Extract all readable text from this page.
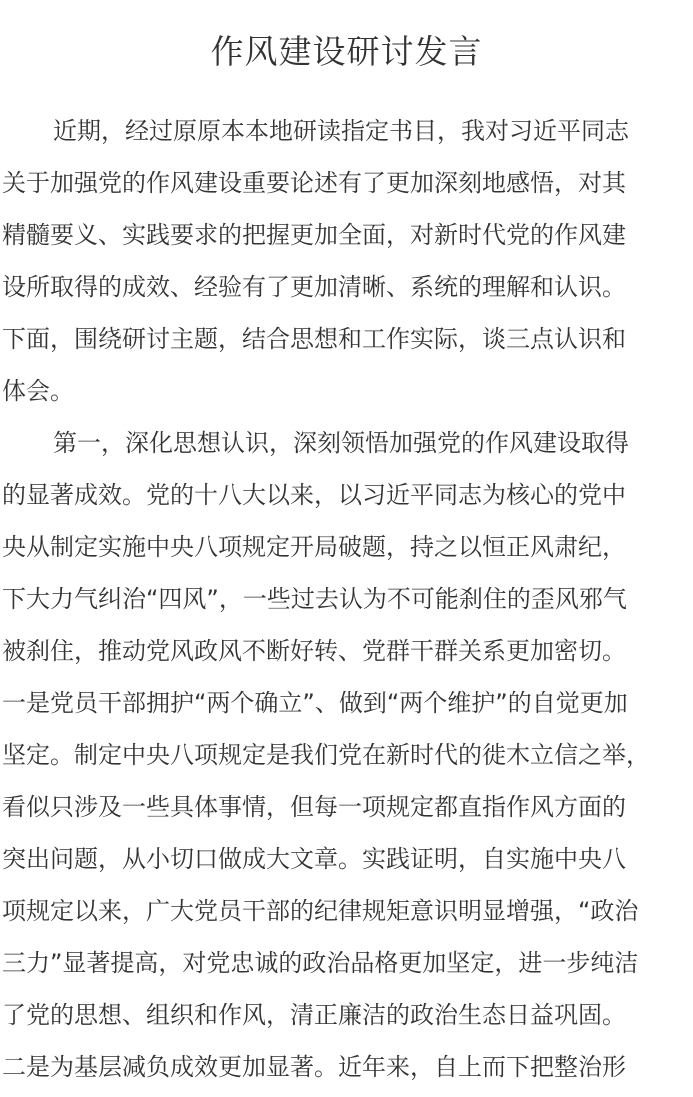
作风建设研讨发言
近期，经过原原本本地研读指定书目，我对习近平同志
关于加强党的作风建设重要论述有了更加深刻地感悟，对其
精髓要义、实践要求的把握更加全面，对新时代党的作风建
设所取得的成效、经验有了更加清晰、系统的理解和认识。
下面，围绕研讨主题，结合思想和工作实际，谈三点认识和
体会。
第一，深化思想认识，深刻领悟加强党的作风建设取得
的显著成效。党的十八大以来，以习近平同志为核心的党中
央从制定实施中央八项规定开局破题，持之以恒正风肃纪，
下大力气纠治“四风”，一些过去认为不可能刹住的歪风邪气
被刹住，推动党风政风不断好转、党群干群关系更加密切。
一是党员干部拥护“两个确立”、做到“两个维护”的自觉更加
坚定。制定中央八项规定是我们党在新时代的徙木立信之举，
看似只涉及一些具体事情，但每一项规定都直指作风方面的
突出问题，从小切口做成大文章。实践证明，自实施中央八
项规定以来，广大党员干部的纪律规矩意识明显增强，“政治
三力”显著提高，对党忠诚的政治品格更加坚定，进一步纯洁
了党的思想、组织和作风，清正廉洁的政治生态日益巩固。
二是为基层减负成效更加显著。近年来，自上而下把整治形
